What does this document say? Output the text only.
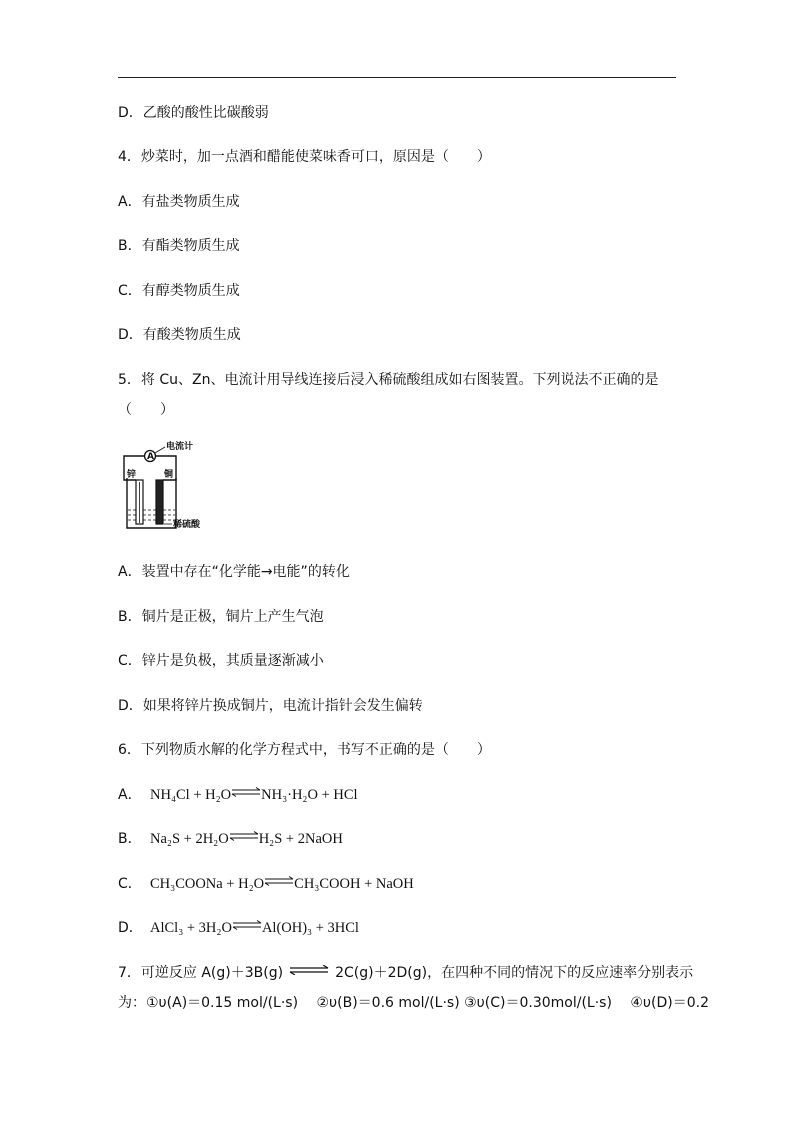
D．乙酸的酸性比碳酸弱
4．炒菜时，加一点酒和醋能使菜味香可口，原因是（　　）
A．有盐类物质生成
B．有酯类物质生成
C．有醇类物质生成
D．有酸类物质生成
5．将 Cu、Zn、电流计用导线连接后浸入稀硫酸组成如右图装置。下列说法不正确的是
（　　）
A
电流计
锌	铜
稀硫酸
A．装置中存在“化学能→电能”的转化
B．铜片是正极，铜片上产生气泡
C．锌片是负极，其质量逐渐减小
D．如果将锌片换成铜片，电流计指针会发生偏转
6．下列物质水解的化学方程式中，书写不正确的是（　　）
A． NH₄Cl + H₂O⇌NH₃·H₂O + HCl
B． Na₂S + 2H₂O⇌H₂S + 2NaOH
C． CH₃COONa + H₂O⇌CH₃COOH + NaOH
D． AlCl₃ + 3H₂O⇌Al(OH)₃ + 3HCl
7．可逆反应 A(g)＋3B(g) ⇌ 2C(g)＋2D(g)，在四种不同的情况下的反应速率分别表示
为：①υ(A)＝0.15 mol/(L·s)　 ②υ(B)＝0.6 mol/(L·s) ③υ(C)＝0.30mol/(L·s)　 ④υ(D)＝0.2
